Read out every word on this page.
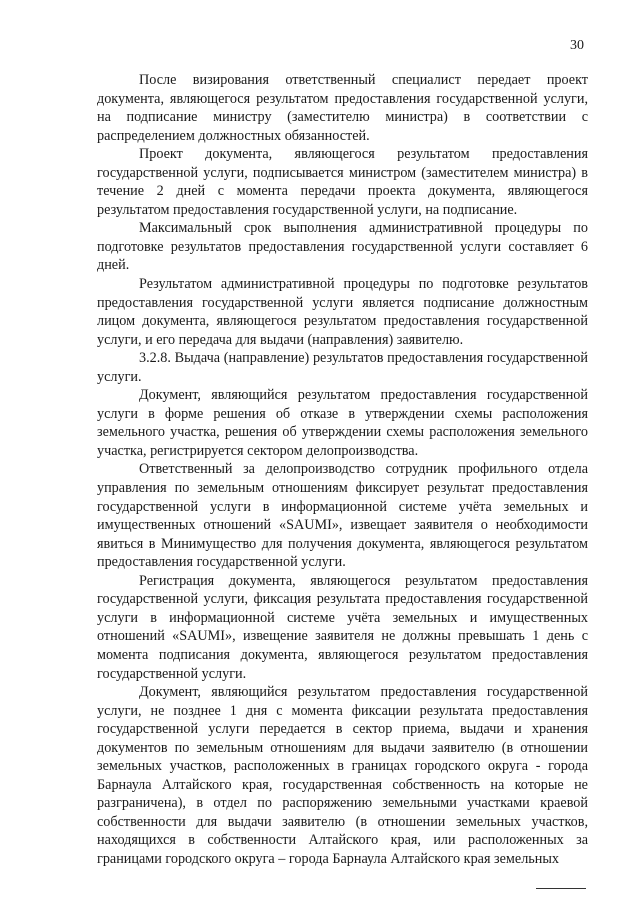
30

После визирования ответственный специалист передает проект документа, являющегося результатом предоставления государственной услуги, на подписание министру (заместителю министра) в соответствии с распределением должностных обязанностей.

Проект документа, являющегося результатом предоставления государственной услуги, подписывается министром (заместителем министра) в течение 2 дней с момента передачи проекта документа, являющегося результатом предоставления государственной услуги, на подписание.

Максимальный срок выполнения административной процедуры по подготовке результатов предоставления государственной услуги составляет 6 дней.

Результатом административной процедуры по подготовке результатов предоставления государственной услуги является подписание должностным лицом документа, являющегося результатом предоставления государственной услуги, и его передача для выдачи (направления) заявителю.

3.2.8. Выдача (направление) результатов предоставления государственной услуги.

Документ, являющийся результатом предоставления государственной услуги в форме решения об отказе в утверждении схемы расположения земельного участка, решения об утверждении схемы расположения земельного участка, регистрируется сектором делопроизводства.

Ответственный за делопроизводство сотрудник профильного отдела управления по земельным отношениям фиксирует результат предоставления государственной услуги в информационной системе учёта земельных и имущественных отношений «SAUMI», извещает заявителя о необходимости явиться в Минимущество для получения документа, являющегося результатом предоставления государственной услуги.

Регистрация документа, являющегося результатом предоставления государственной услуги, фиксация результата предоставления государственной услуги в информационной системе учёта земельных и имущественных отношений «SAUMI», извещение заявителя не должны превышать 1 день с момента подписания документа, являющегося результатом предоставления государственной услуги.

Документ, являющийся результатом предоставления государственной услуги, не позднее 1 дня с момента фиксации результата предоставления государственной услуги передается в сектор приема, выдачи и хранения документов по земельным отношениям для выдачи заявителю (в отношении земельных участков, расположенных в границах городского округа - города Барнаула Алтайского края, государственная собственность на которые не разграничена), в отдел по распоряжению земельными участками краевой собственности для выдачи заявителю (в отношении земельных участков, находящихся в собственности Алтайского края, или расположенных за границами городского округа – города Барнаула Алтайского края земельных
